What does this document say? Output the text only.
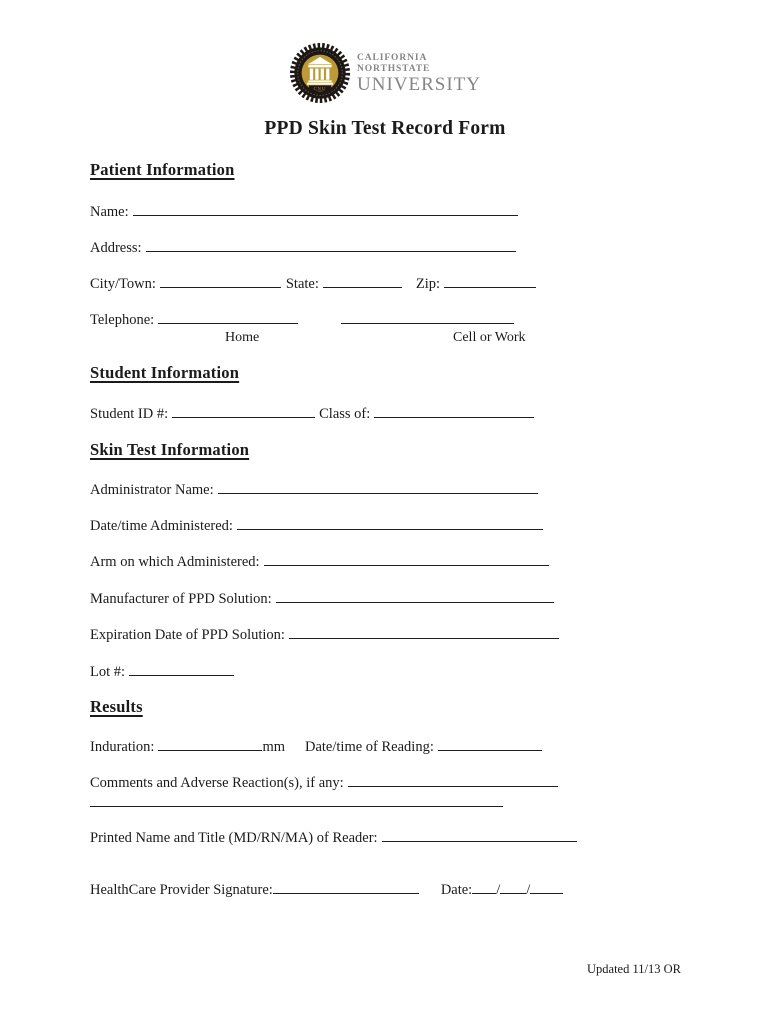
CNU
CALIFORNIA
NORTHSTATE
UNIVERSITY
PPD Skin Test Record Form
Patient Information
Name:
Address:
City/Town:	State:	Zip:
Telephone:
Home	Cell or Work
Student Information
Student ID #:	Class of:
Skin Test Information
Administrator Name:
Date/time Administered:
Arm on which Administered:
Manufacturer of PPD Solution:
Expiration Date of PPD Solution:
Lot #:
Results
Induration:	mm Date/time of Reading:
Comments and Adverse Reaction(s), if any:
Printed Name and Title (MD/RN/MA) of Reader:
HealthCare Provider Signature:	Date: / /
Updated 11/13 OR
